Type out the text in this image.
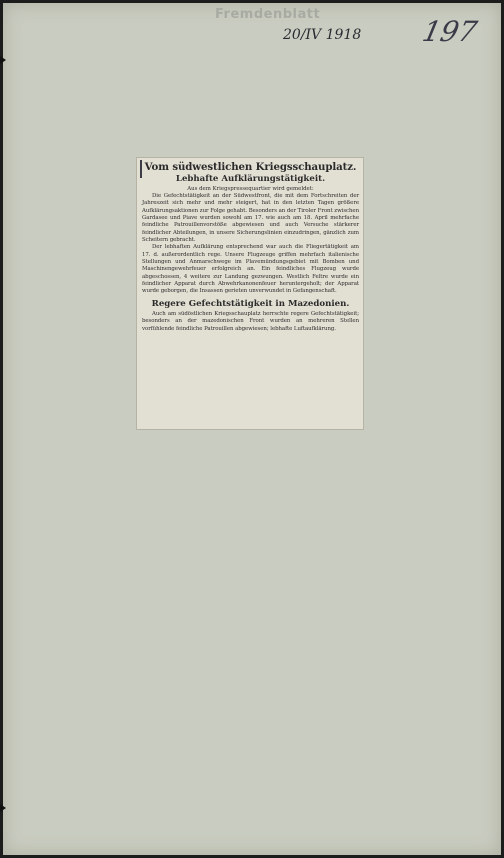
Fremdenblatt
20/IV 1918 197

Vom südwestlichen Kriegsschauplatz.

Lebhafte Aufklärungstätigkeit.

Aus dem Kriegspressequartier wird gemeldet:

Die Gefechtstätigkeit an der Südwestfront, die mit dem Fortschreiten der Jahreszeit sich mehr und mehr steigert, hat in den letzten Tagen größere Aufklärungsaktionen zur Folge gehabt. Besonders an der Tiroler Front zwischen Gardasee und Piave wurden sowohl am 17. wie auch am 18. April mehrfache feindliche Patrouillenvorstöße abgewiesen und auch Versuche stärkerer feindlicher Abteilungen, in unsere Sicherungslinien einzudringen, gänzlich zum Scheitern gebracht.

Der lebhaften Aufklärung entsprechend war auch die Fliegertätigkeit am 17. d. außerordentlich rege. Unsere Flugzeuge griffen mehrfach italienische Stellungen und Anmarschwege im Plavemündungsgebiet mit Bomben und Maschinengewehrfeuer erfolgreich an. Ein feindliches Flugzeug wurde abgeschossen, 4 weitere zur Landung gezwungen. Westlich Feltre wurde ein feindlicher Apparat durch Abwehrkanonenfeuer heruntergeholt; der Apparat wurde geborgen, die Insassen gerieten unverwundet in Gefangenschaft.

Regere Gefechtstätigkeit in Mazedonien.

Auch am südöstlichen Kriegsschauplatz herrschte regere Gefechtstätigkeit; besonders an der mazedonischen Front wurden an mehreren Stellen vorfühlende feindliche Patrouillen abgewiesen; lebhafte Luftaufklärung.
